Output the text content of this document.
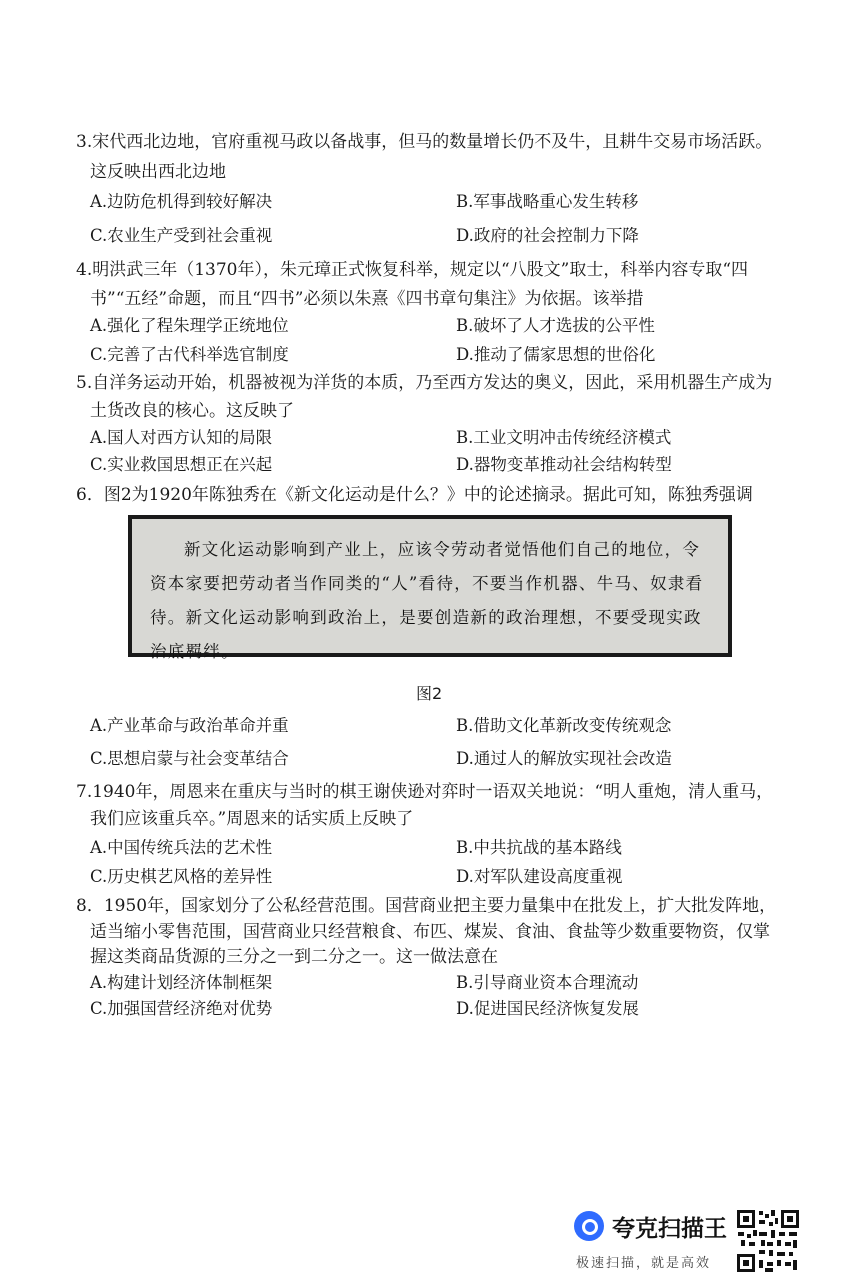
3.宋代西北边地，官府重视马政以备战事，但马的数量增长仍不及牛，且耕牛交易市场活跃。
这反映出西北边地
A.边防危机得到较好解决	B.军事战略重心发生转移
C.农业生产受到社会重视	D.政府的社会控制力下降
4.明洪武三年（1370年），朱元璋正式恢复科举，规定以“八股文”取士，科举内容专取“四
书”“五经”命题，而且“四书”必须以朱熹《四书章句集注》为依据。该举措
A.强化了程朱理学正统地位	B.破坏了人才选拔的公平性
C.完善了古代科举选官制度	D.推动了儒家思想的世俗化
5.自洋务运动开始，机器被视为洋货的本质，乃至西方发达的奥义，因此，采用机器生产成为
土货改良的核心。这反映了
A.国人对西方认知的局限	B.工业文明冲击传统经济模式
C.实业救国思想正在兴起	D.器物变革推动社会结构转型
6．图2为1920年陈独秀在《新文化运动是什么？》中的论述摘录。据此可知，陈独秀强调
新文化运动影响到产业上，应该令劳动者觉悟他们自己的地位，令资本家要把劳动者当作同类的“人”看待，不要当作机器、牛马、奴隶看待。新文化运动影响到政治上，是要创造新的政治理想，不要受现实政治底羁绊。
图2
A.产业革命与政治革命并重	B.借助文化革新改变传统观念
C.思想启蒙与社会变革结合	D.通过人的解放实现社会改造
7.1940年，周恩来在重庆与当时的棋王谢侠逊对弈时一语双关地说：“明人重炮，清人重马，
我们应该重兵卒。”周恩来的话实质上反映了
A.中国传统兵法的艺术性	B.中共抗战的基本路线
C.历史棋艺风格的差异性	D.对军队建设高度重视
8．1950年，国家划分了公私经营范围。国营商业把主要力量集中在批发上，扩大批发阵地，
适当缩小零售范围，国营商业只经营粮食、布匹、煤炭、食油、食盐等少数重要物资，仅掌
握这类商品货源的三分之一到二分之一。这一做法意在
A.构建计划经济体制框架	B.引导商业资本合理流动
C.加强国营经济绝对优势	D.促进国民经济恢复发展
夸克扫描王
极速扫描，就是高效
